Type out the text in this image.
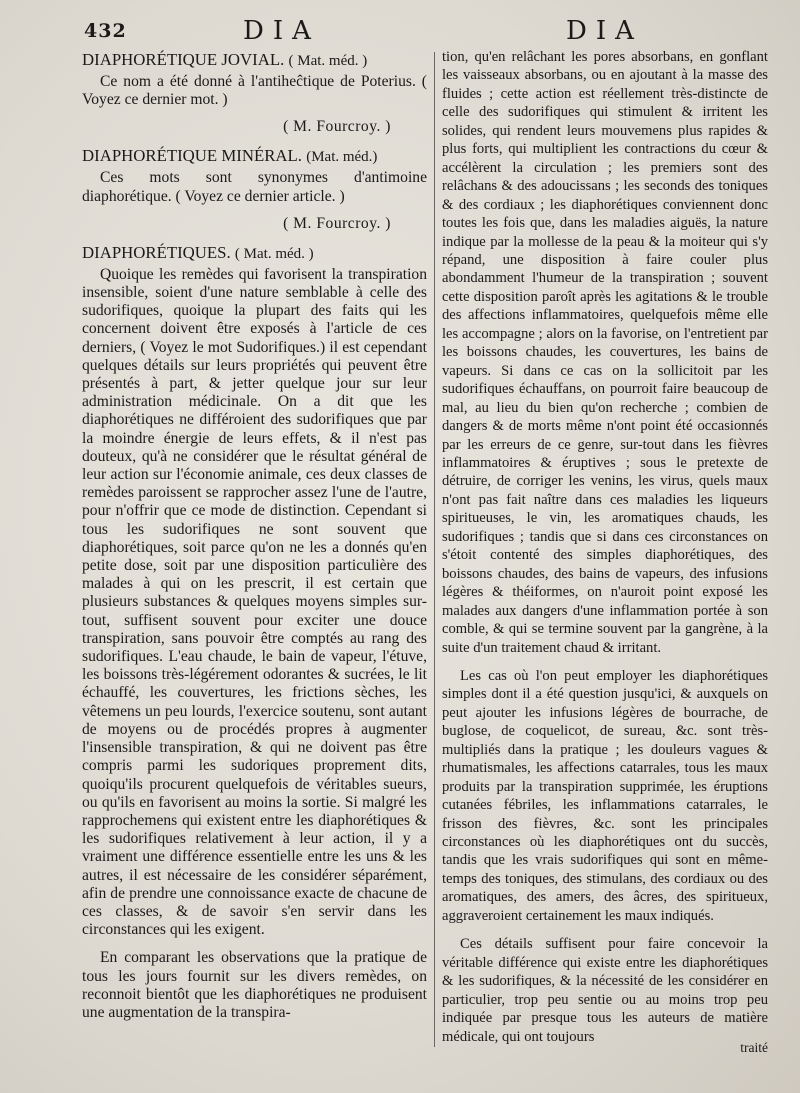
432	DIA	DIA
DIAPHORÉTIQUE JOVIAL. ( Mat. méd. )

Ce nom a été donné à l'antiheĉtique de Poterius. ( Voyez ce dernier mot. )

( M. Fourcroy. )
DIAPHORÉTIQUE MINÉRAL. (Mat. méd.)

Ces mots sont synonymes d'antimoine diaphorétique. ( Voyez ce dernier article. )

( M. Fourcroy. )
DIAPHORÉTIQUES. ( Mat. méd. )

Quoique les remèdes qui favorisent la transpiration insensible, soient d'une nature semblable à celle des sudorifiques, quoique la plupart des faits qui les concernent doivent être exposés à l'article de ces derniers, ( Voyez le mot Sudorifiques.) il est cependant quelques détails sur leurs propriétés qui peuvent être présentés à part, & jetter quelque jour sur leur administration médicinale. On a dit que les diaphorétiques ne différoient des sudorifiques que par la moindre énergie de leurs effets, & il n'est pas douteux, qu'à ne considérer que le résultat général de leur action sur l'économie animale, ces deux classes de remèdes paroissent se rapprocher assez l'une de l'autre, pour n'offrir que ce mode de distinction. Cependant si tous les sudorifiques ne sont souvent que diaphorétiques, soit parce qu'on ne les a donnés qu'en petite dose, soit par une disposition particulière des malades à qui on les prescrit, il est certain que plusieurs substances & quelques moyens simples sur-tout, suffisent souvent pour exciter une douce transpiration, sans pouvoir être comptés au rang des sudorifiques. L'eau chaude, le bain de vapeur, l'étuve, les boissons très-légérement odorantes & sucrées, le lit échauffé, les couvertures, les frictions sèches, les vêtemens un peu lourds, l'exercice soutenu, sont autant de moyens ou de procédés propres à augmenter l'insensible transpiration, & qui ne doivent pas être compris parmi les sudoriques proprement dits, quoiqu'ils procurent quelquefois de véritables sueurs, ou qu'ils en favorisent au moins la sortie. Si malgré les rapprochemens qui existent entre les diaphorétiques & les sudorifiques relativement à leur action, il y a vraiment une différence essentielle entre les uns & les autres, il est nécessaire de les considérer séparément, afin de prendre une connoissance exacte de chacune de ces classes, & de savoir s'en servir dans les circonstances qui les exigent.

En comparant les observations que la pratique de tous les jours fournit sur les divers remèdes, on reconnoit bientôt que les diaphorétiques ne produisent une augmentation de la transpira-

tion, qu'en relâchant les pores absorbans, en gonflant les vaisseaux absorbans, ou en ajoutant à la masse des fluides ; cette action est réellement très-distincte de celle des sudorifiques qui stimulent & irritent les solides, qui rendent leurs mouvemens plus rapides & plus forts, qui multiplient les contractions du cœur & accélèrent la circulation ; les premiers sont des relâchans & des adoucissans ; les seconds des toniques & des cordiaux ; les diaphorétiques conviennent donc toutes les fois que, dans les maladies aiguës, la nature indique par la mollesse de la peau & la moiteur qui s'y répand, une disposition à faire couler plus abondamment l'humeur de la transpiration ; souvent cette disposition paroît après les agitations & le trouble des affections inflammatoires, quelquefois même elle les accompagne ; alors on la favorise, on l'entretient par les boissons chaudes, les couvertures, les bains de vapeurs. Si dans ce cas on la sollicitoit par les sudorifiques échauffans, on pourroit faire beaucoup de mal, au lieu du bien qu'on recherche ; combien de dangers & de morts même n'ont point été occasionnés par les erreurs de ce genre, sur-tout dans les fièvres inflammatoires & éruptives ; sous le pretexte de détruire, de corriger les venins, les virus, quels maux n'ont pas fait naître dans ces maladies les liqueurs spiritueuses, le vin, les aromatiques chauds, les sudorifiques ; tandis que si dans ces circonstances on s'étoit contenté des simples diaphorétiques, des boissons chaudes, des bains de vapeurs, des infusions légères & théiformes, on n'auroit point exposé les malades aux dangers d'une inflammation portée à son comble, & qui se termine souvent par la gangrène, à la suite d'un traitement chaud & irritant.

Les cas où l'on peut employer les diaphorétiques simples dont il a été question jusqu'ici, & auxquels on peut ajouter les infusions légères de bourrache, de buglose, de coquelicot, de sureau, &c. sont très-multipliés dans la pratique ; les douleurs vagues & rhumatismales, les affections catarrales, tous les maux produits par la transpiration supprimée, les éruptions cutanées fébriles, les inflammations catarrales, le frisson des fièvres, &c. sont les principales circonstances où les diaphorétiques ont du succès, tandis que les vrais sudorifiques qui sont en même-temps des toniques, des stimulans, des cordiaux ou des aromatiques, des amers, des âcres, des spiritueux, aggraveroient certainement les maux indiqués.

Ces détails suffisent pour faire concevoir la véritable différence qui existe entre les diaphorétiques & les sudorifiques, & la nécessité de les considérer en particulier, trop peu sentie ou au moins trop peu indiquée par presque tous les auteurs de matière médicale, qui ont toujours

traité
